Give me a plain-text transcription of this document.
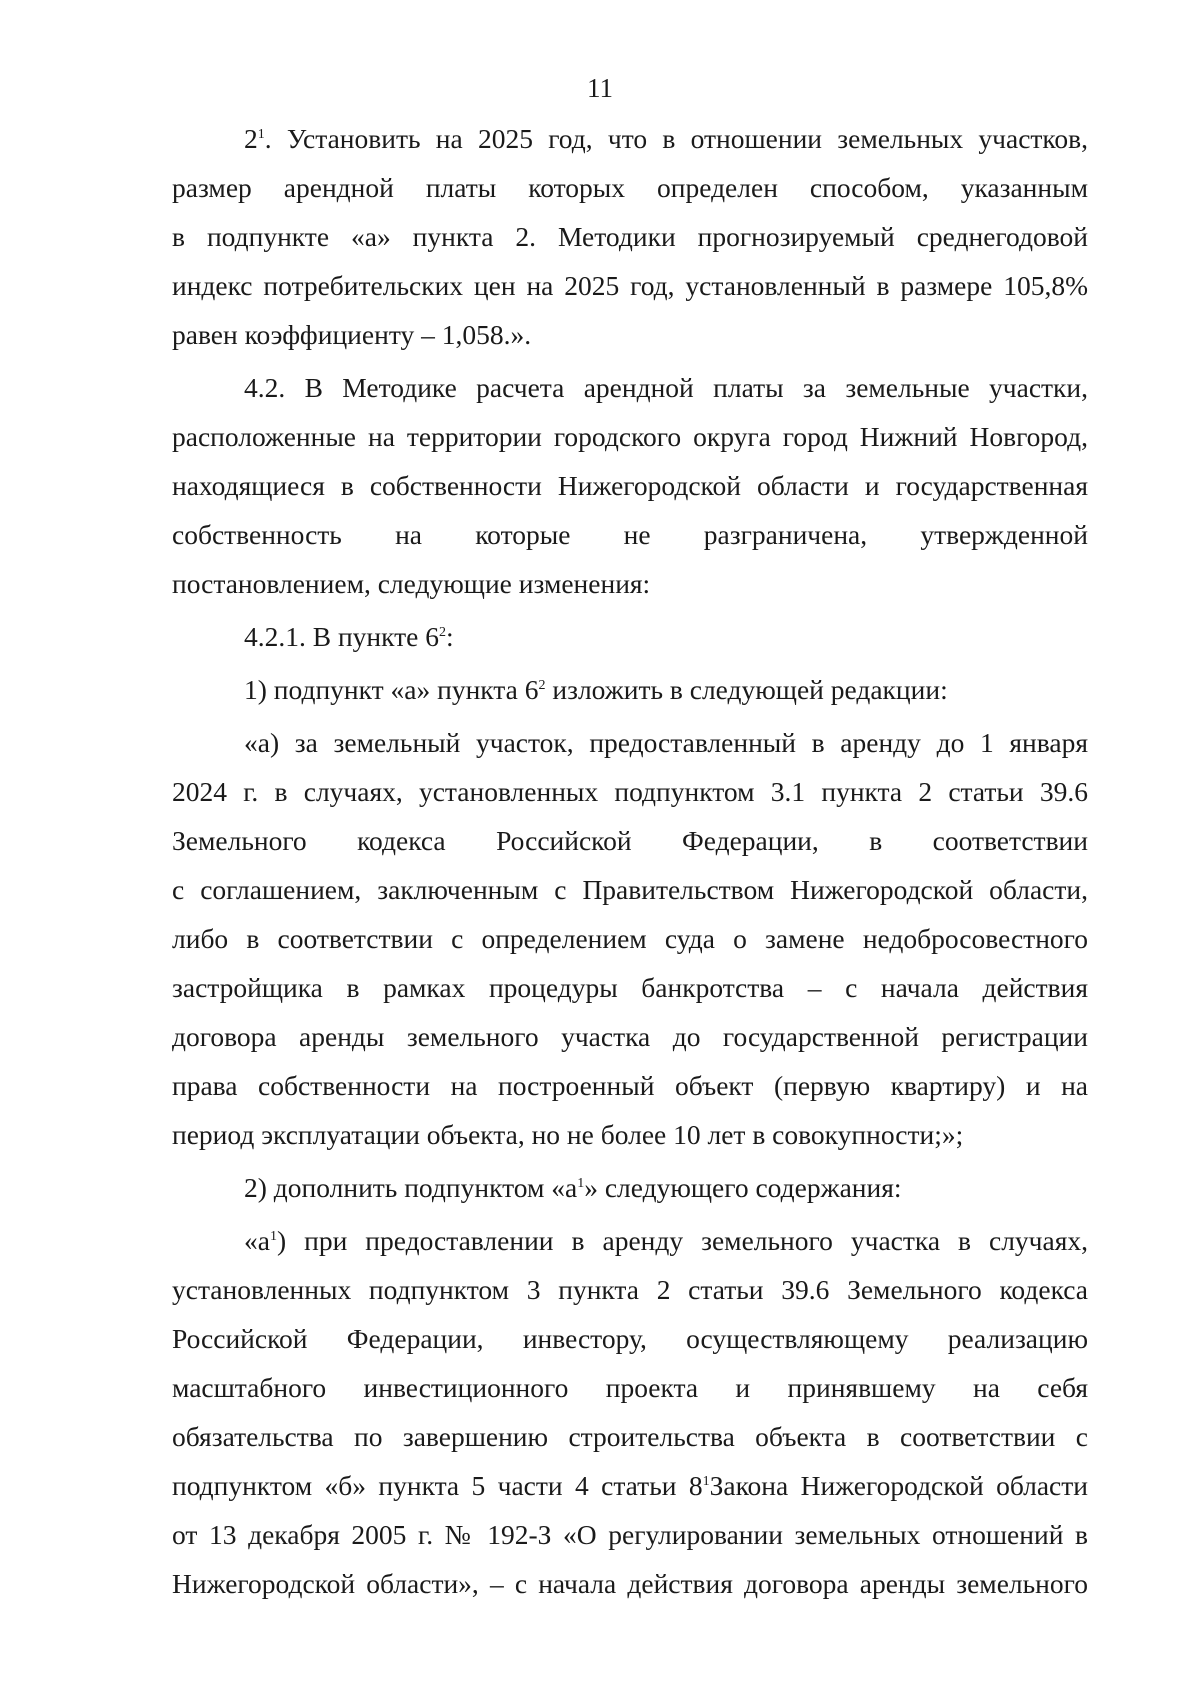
11
$2^1$. Установить на 2025 год, что в отношении земельных участков,
размер арендной платы которых определен способом, указанным
в подпункте «а» пункта 2. Методики прогнозируемый среднегодовой
индекс потребительских цен на 2025 год, установленный в размере 105,8%
равен коэффициенту – 1,058.».
4.2. В Методике расчета арендной платы за земельные участки,
расположенные на территории городского округа город Нижний Новгород,
находящиеся в собственности Нижегородской области и государственная
собственность на которые не разграничена, утвержденной
постановлением, следующие изменения:
4.2.1. В пункте $6^2$:
1) подпункт «а» пункта $6^2$ изложить в следующей редакции:
«а) за земельный участок, предоставленный в аренду до 1 января
2024 г. в случаях, установленных подпунктом 3.1 пункта 2 статьи 39.6
Земельного кодекса Российской Федерации, в соответствии
с соглашением, заключенным с Правительством Нижегородской области,
либо в соответствии с определением суда о замене недобросовестного
застройщика в рамках процедуры банкротства – с начала действия
договора аренды земельного участка до государственной регистрации
права собственности на построенный объект (первую квартиру) и на
период эксплуатации объекта, но не более 10 лет в совокупности;»;
2) дополнить подпунктом «$а^1$» следующего содержания:
«$а^1$) при предоставлении в аренду земельного участка в случаях,
установленных подпунктом 3 пункта 2 статьи 39.6 Земельного кодекса
Российской Федерации, инвестору, осуществляющему реализацию
масштабного инвестиционного проекта и принявшему на себя
обязательства по завершению строительства объекта в соответствии с
подпунктом «б» пункта 5 части 4 статьи $8^1Закона$ Нижегородской области
от 13 декабря 2005 г. № 192-З «О регулировании земельных отношений в
Нижегородской области», – с начала действия договора аренды земельного
